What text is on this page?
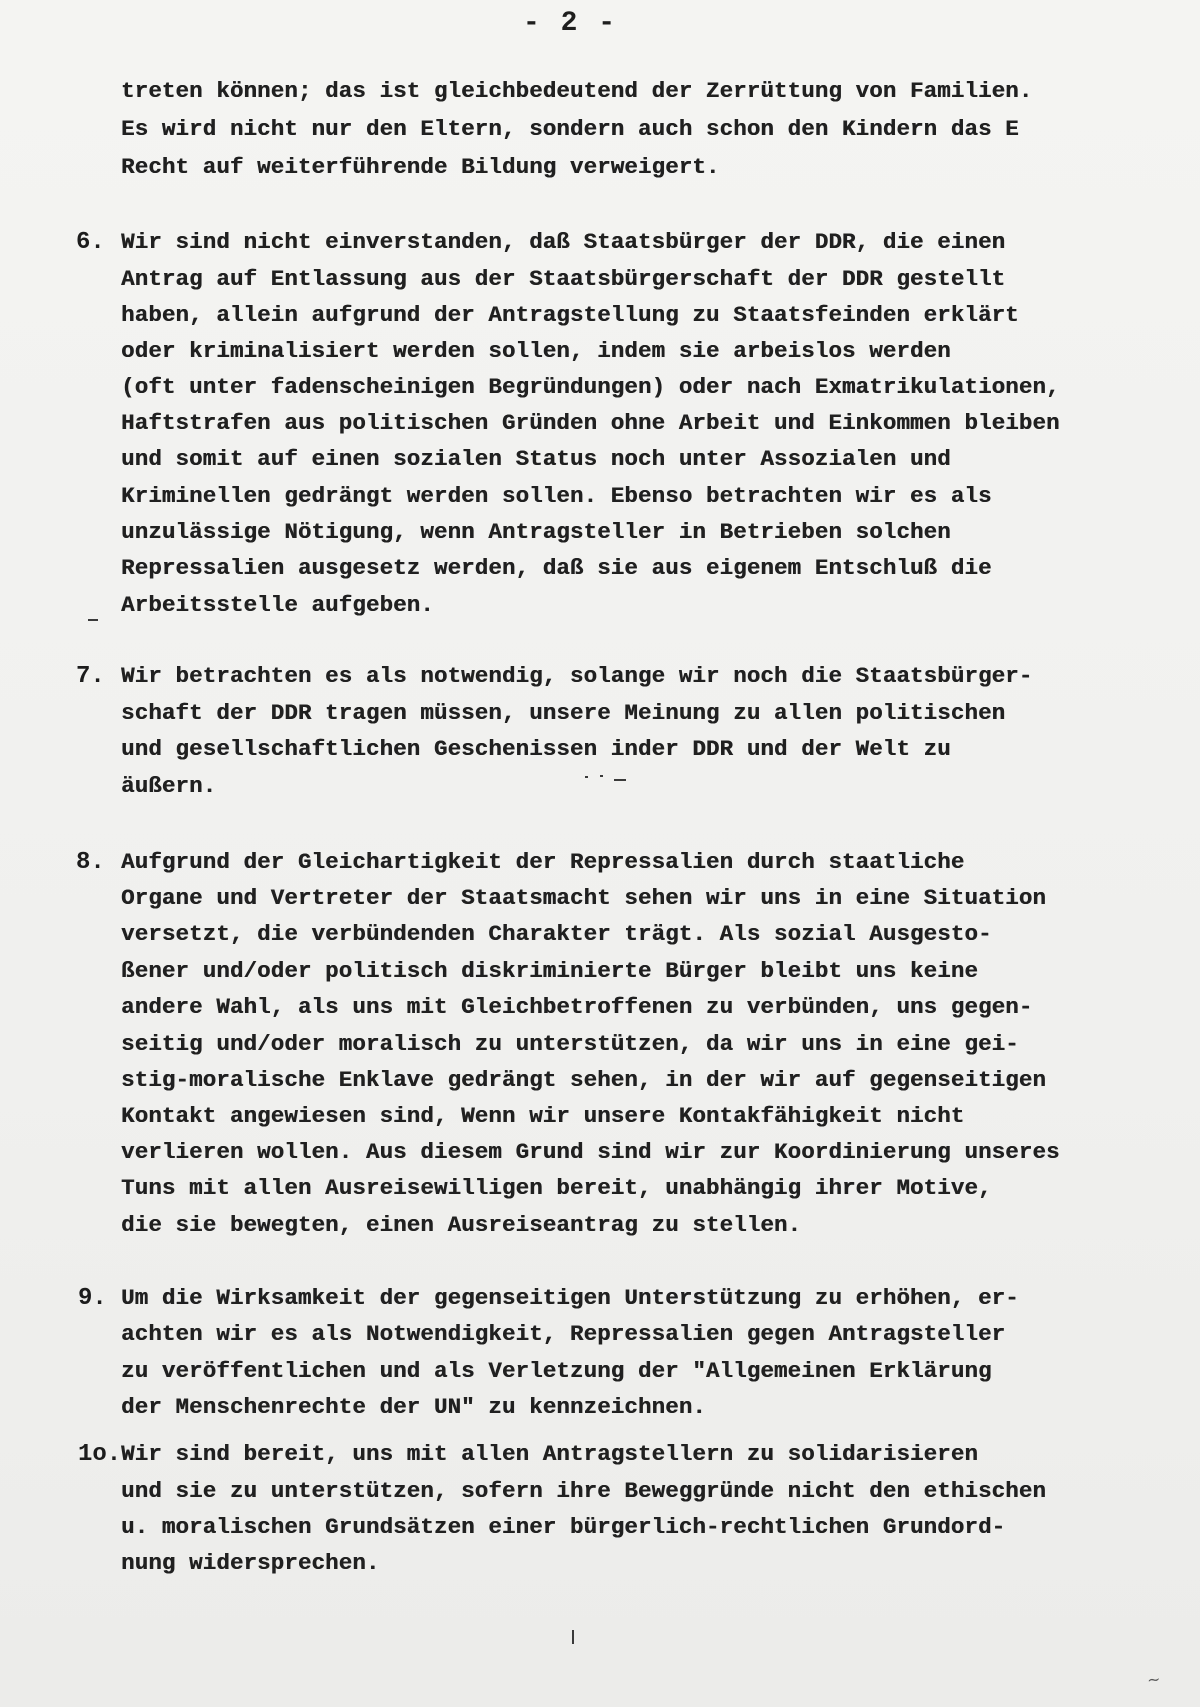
- 2 -
treten können; das ist gleichbedeutend der Zerrüttung von Familien.
Es wird nicht nur den Eltern, sondern auch schon den Kindern das E
Recht auf weiterführende Bildung verweigert.
6. Wir sind nicht einverstanden, daß Staatsbürger der DDR, die einen
Antrag auf Entlassung aus der Staatsbürgerschaft der DDR gestellt
haben, allein aufgrund der Antragstellung zu Staatsfeinden erklärt
oder kriminalisiert werden sollen, indem sie arbeislos werden
(oft unter fadenscheinigen Begründungen) oder nach Exmatrikulationen,
Haftstrafen aus politischen Gründen ohne Arbeit und Einkommen bleiben
und somit auf einen sozialen Status noch unter Assozialen und
Kriminellen gedrängt werden sollen. Ebenso betrachten wir es als
unzulässige Nötigung, wenn Antragsteller in Betrieben solchen
Repressalien ausgesetz werden, daß sie aus eigenem Entschluß die
Arbeitsstelle aufgeben.
7. Wir betrachten es als notwendig, solange wir noch die Staatsbürger-
schaft der DDR tragen müssen, unsere Meinung zu allen politischen
und gesellschaftlichen Geschenissen inder DDR und der Welt zu
äußern.
8. Aufgrund der Gleichartigkeit der Repressalien durch staatliche
Organe und Vertreter der Staatsmacht sehen wir uns in eine Situation
versetzt, die verbündenden Charakter trägt. Als sozial Ausgesto-
ßener und/oder politisch diskriminierte Bürger bleibt uns keine
andere Wahl, als uns mit Gleichbetroffenen zu verbünden, uns gegen-
seitig und/oder moralisch zu unterstützen, da wir uns in eine gei-
stig-moralische Enklave gedrängt sehen, in der wir auf gegenseitigen
Kontakt angewiesen sind, Wenn wir unsere Kontakfähigkeit nicht
verlieren wollen. Aus diesem Grund sind wir zur Koordinierung unseres
Tuns mit allen Ausreisewilligen bereit, unabhängig ihrer Motive,
die sie bewegten, einen Ausreiseantrag zu stellen.
9. Um die Wirksamkeit der gegenseitigen Unterstützung zu erhöhen, er-
achten wir es als Notwendigkeit, Repressalien gegen Antragsteller
zu veröffentlichen und als Verletzung der "Allgemeinen Erklärung
der Menschenrechte der UN" zu kennzeichnen.
1o. Wir sind bereit, uns mit allen Antragstellern zu solidarisieren
und sie zu unterstützen, sofern ihre Beweggründe nicht den ethischen
u. moralischen Grundsätzen einer bürgerlich-rechtlichen Grundord-
nung widersprechen.
~
